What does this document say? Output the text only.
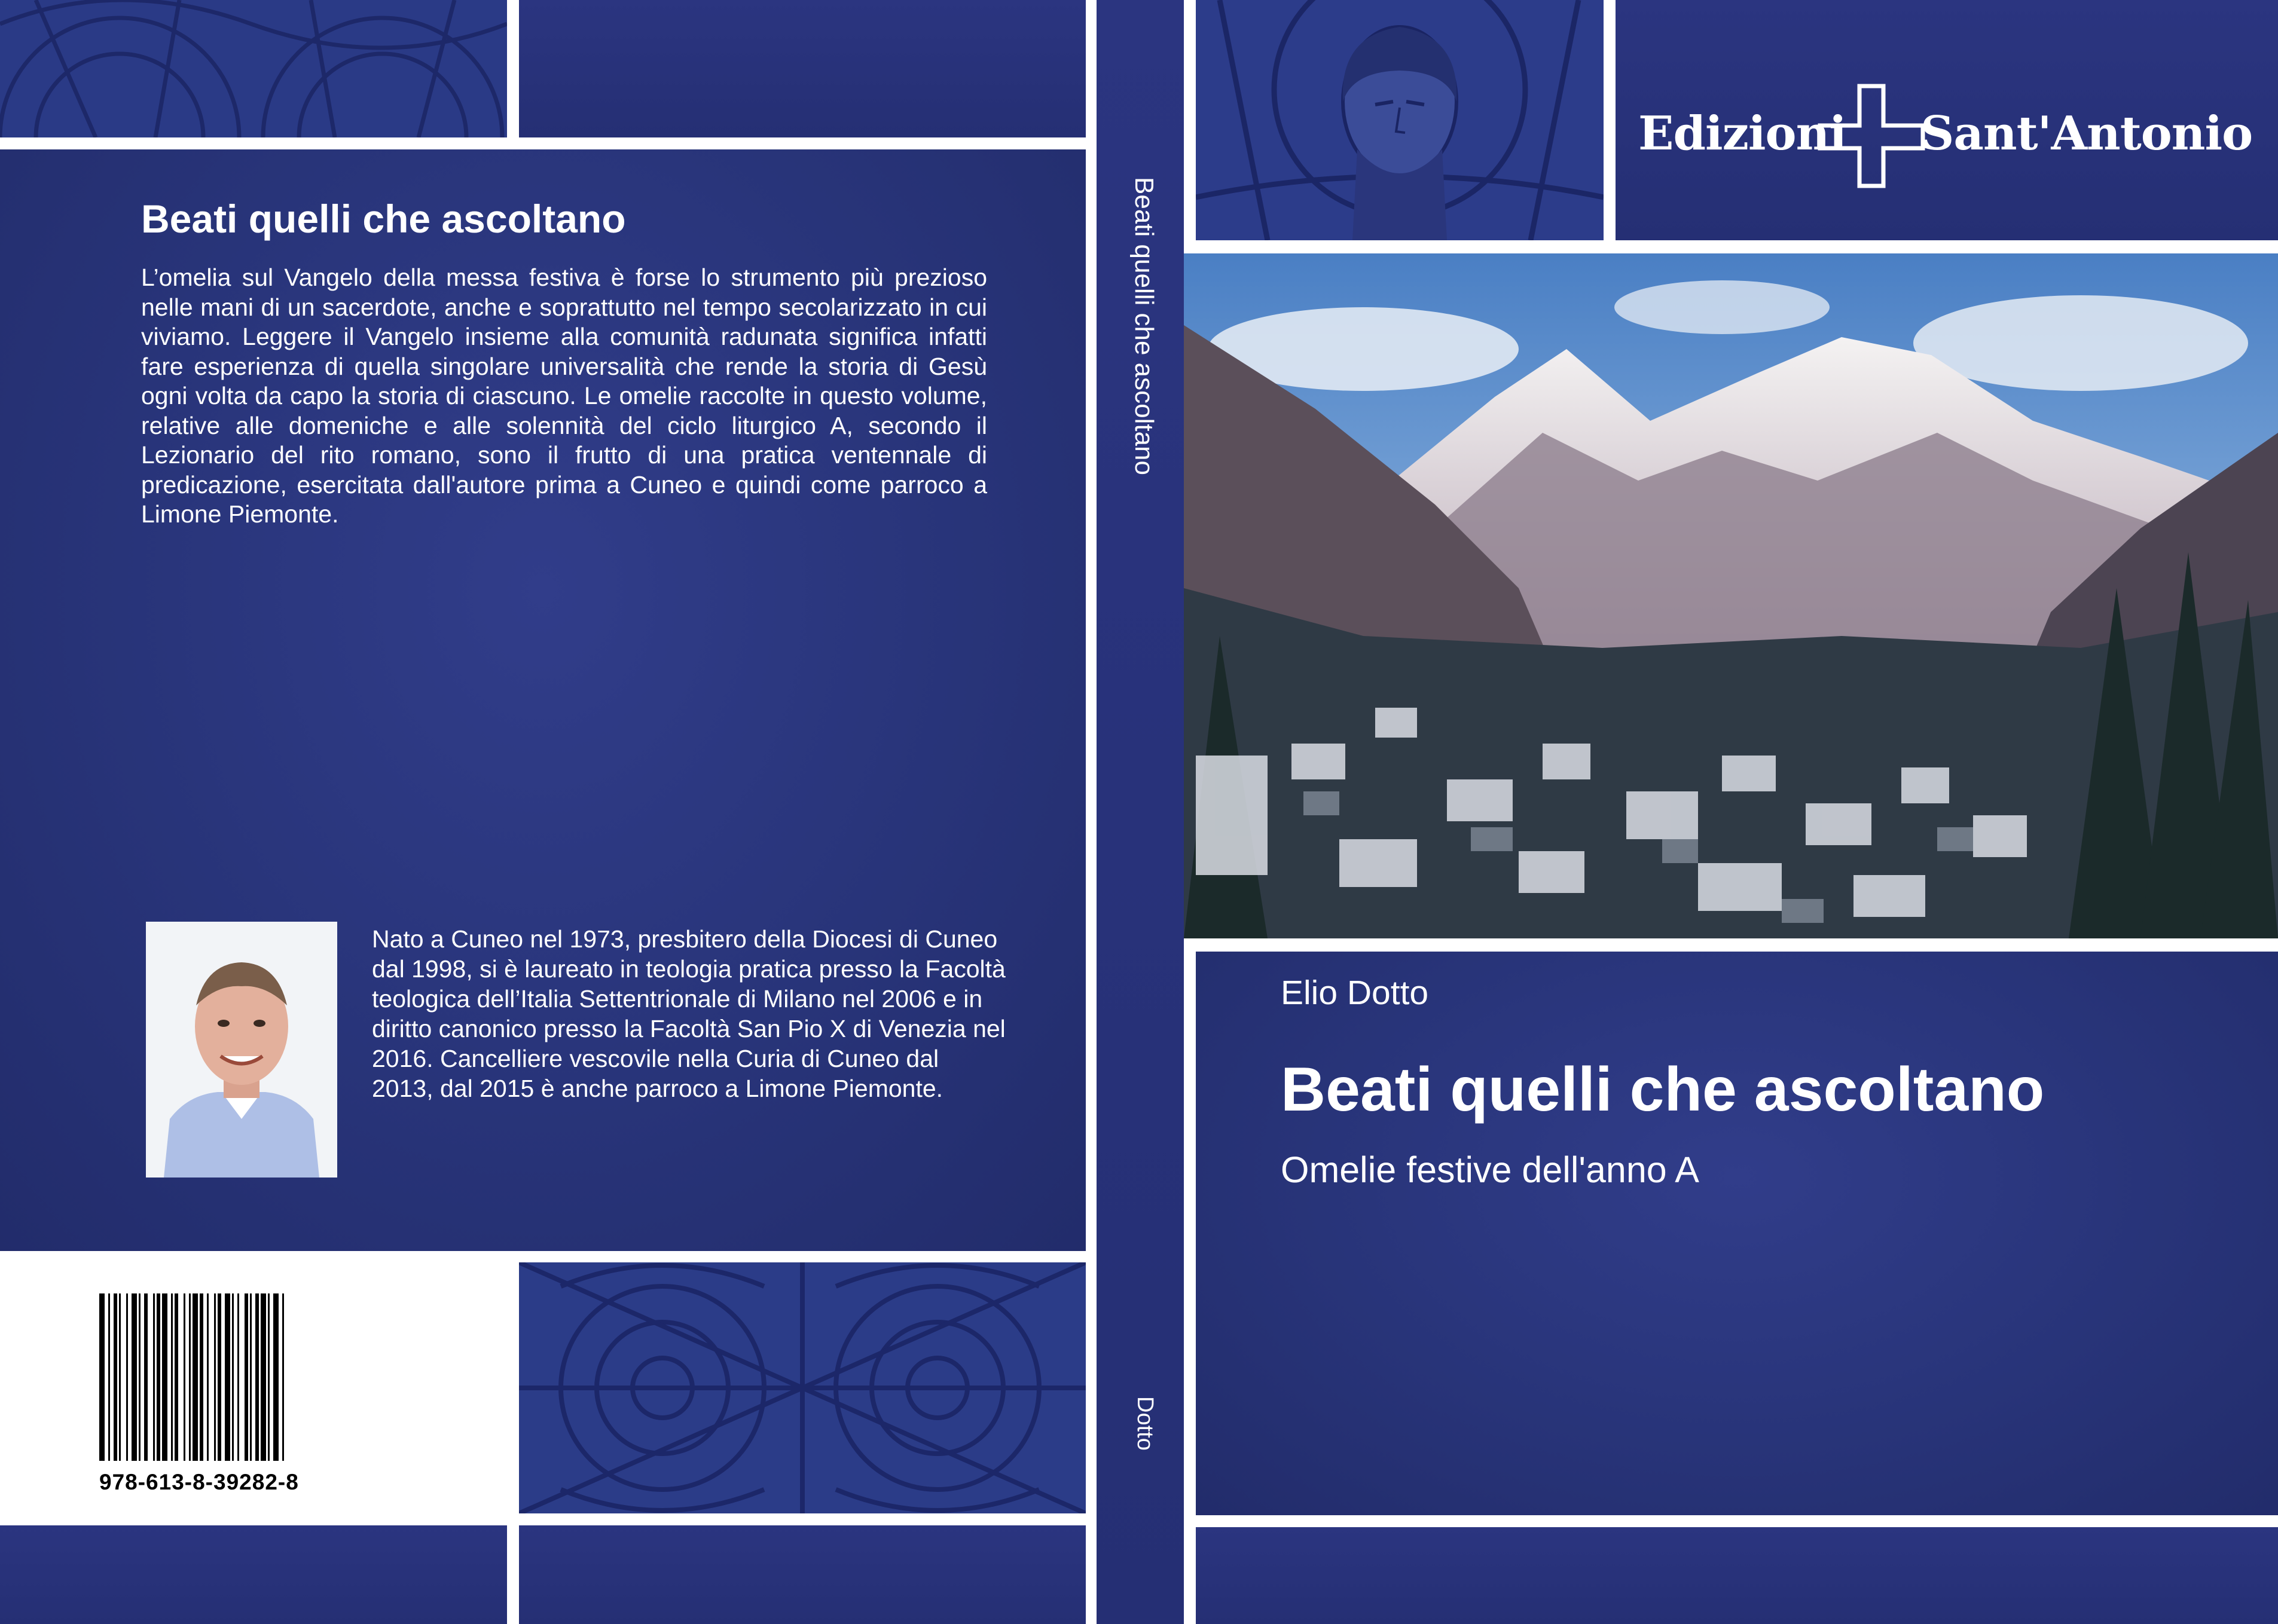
Beati quelli che ascoltano
L’omelia sul Vangelo della messa festiva è forse lo strumento più prezioso nelle mani di un sacerdote, anche e soprattutto nel tempo secolarizzato in cui viviamo. Leggere il Vangelo insieme alla comunità radunata significa infatti fare esperienza di quella singolare universalità che rende la storia di Gesù ogni volta da capo la storia di ciascuno. Le omelie raccolte in questo volume, relative alle domeniche e alle solennità del ciclo liturgico A, secondo il Lezionario del rito romano, sono il frutto di una pratica ventennale di predicazione, esercitata dall'autore prima a Cuneo e quindi come parroco a Limone Piemonte.
Nato a Cuneo nel 1973, presbitero della Diocesi di Cuneo dal 1998, si è laureato in teologia pratica presso la Facoltà teologica dell’Italia Settentrionale di Milano nel 2006 e in diritto canonico presso la Facoltà San Pio X di Venezia nel 2016. Cancelliere vescovile nella Curia di Cuneo dal 2013, dal 2015 è anche parroco a Limone Piemonte.
978-613-8-39282-8
Beati quelli che ascoltano
Dotto
Edizioni Sant'Antonio
Elio Dotto
Beati quelli che ascoltano
Omelie festive dell'anno A
